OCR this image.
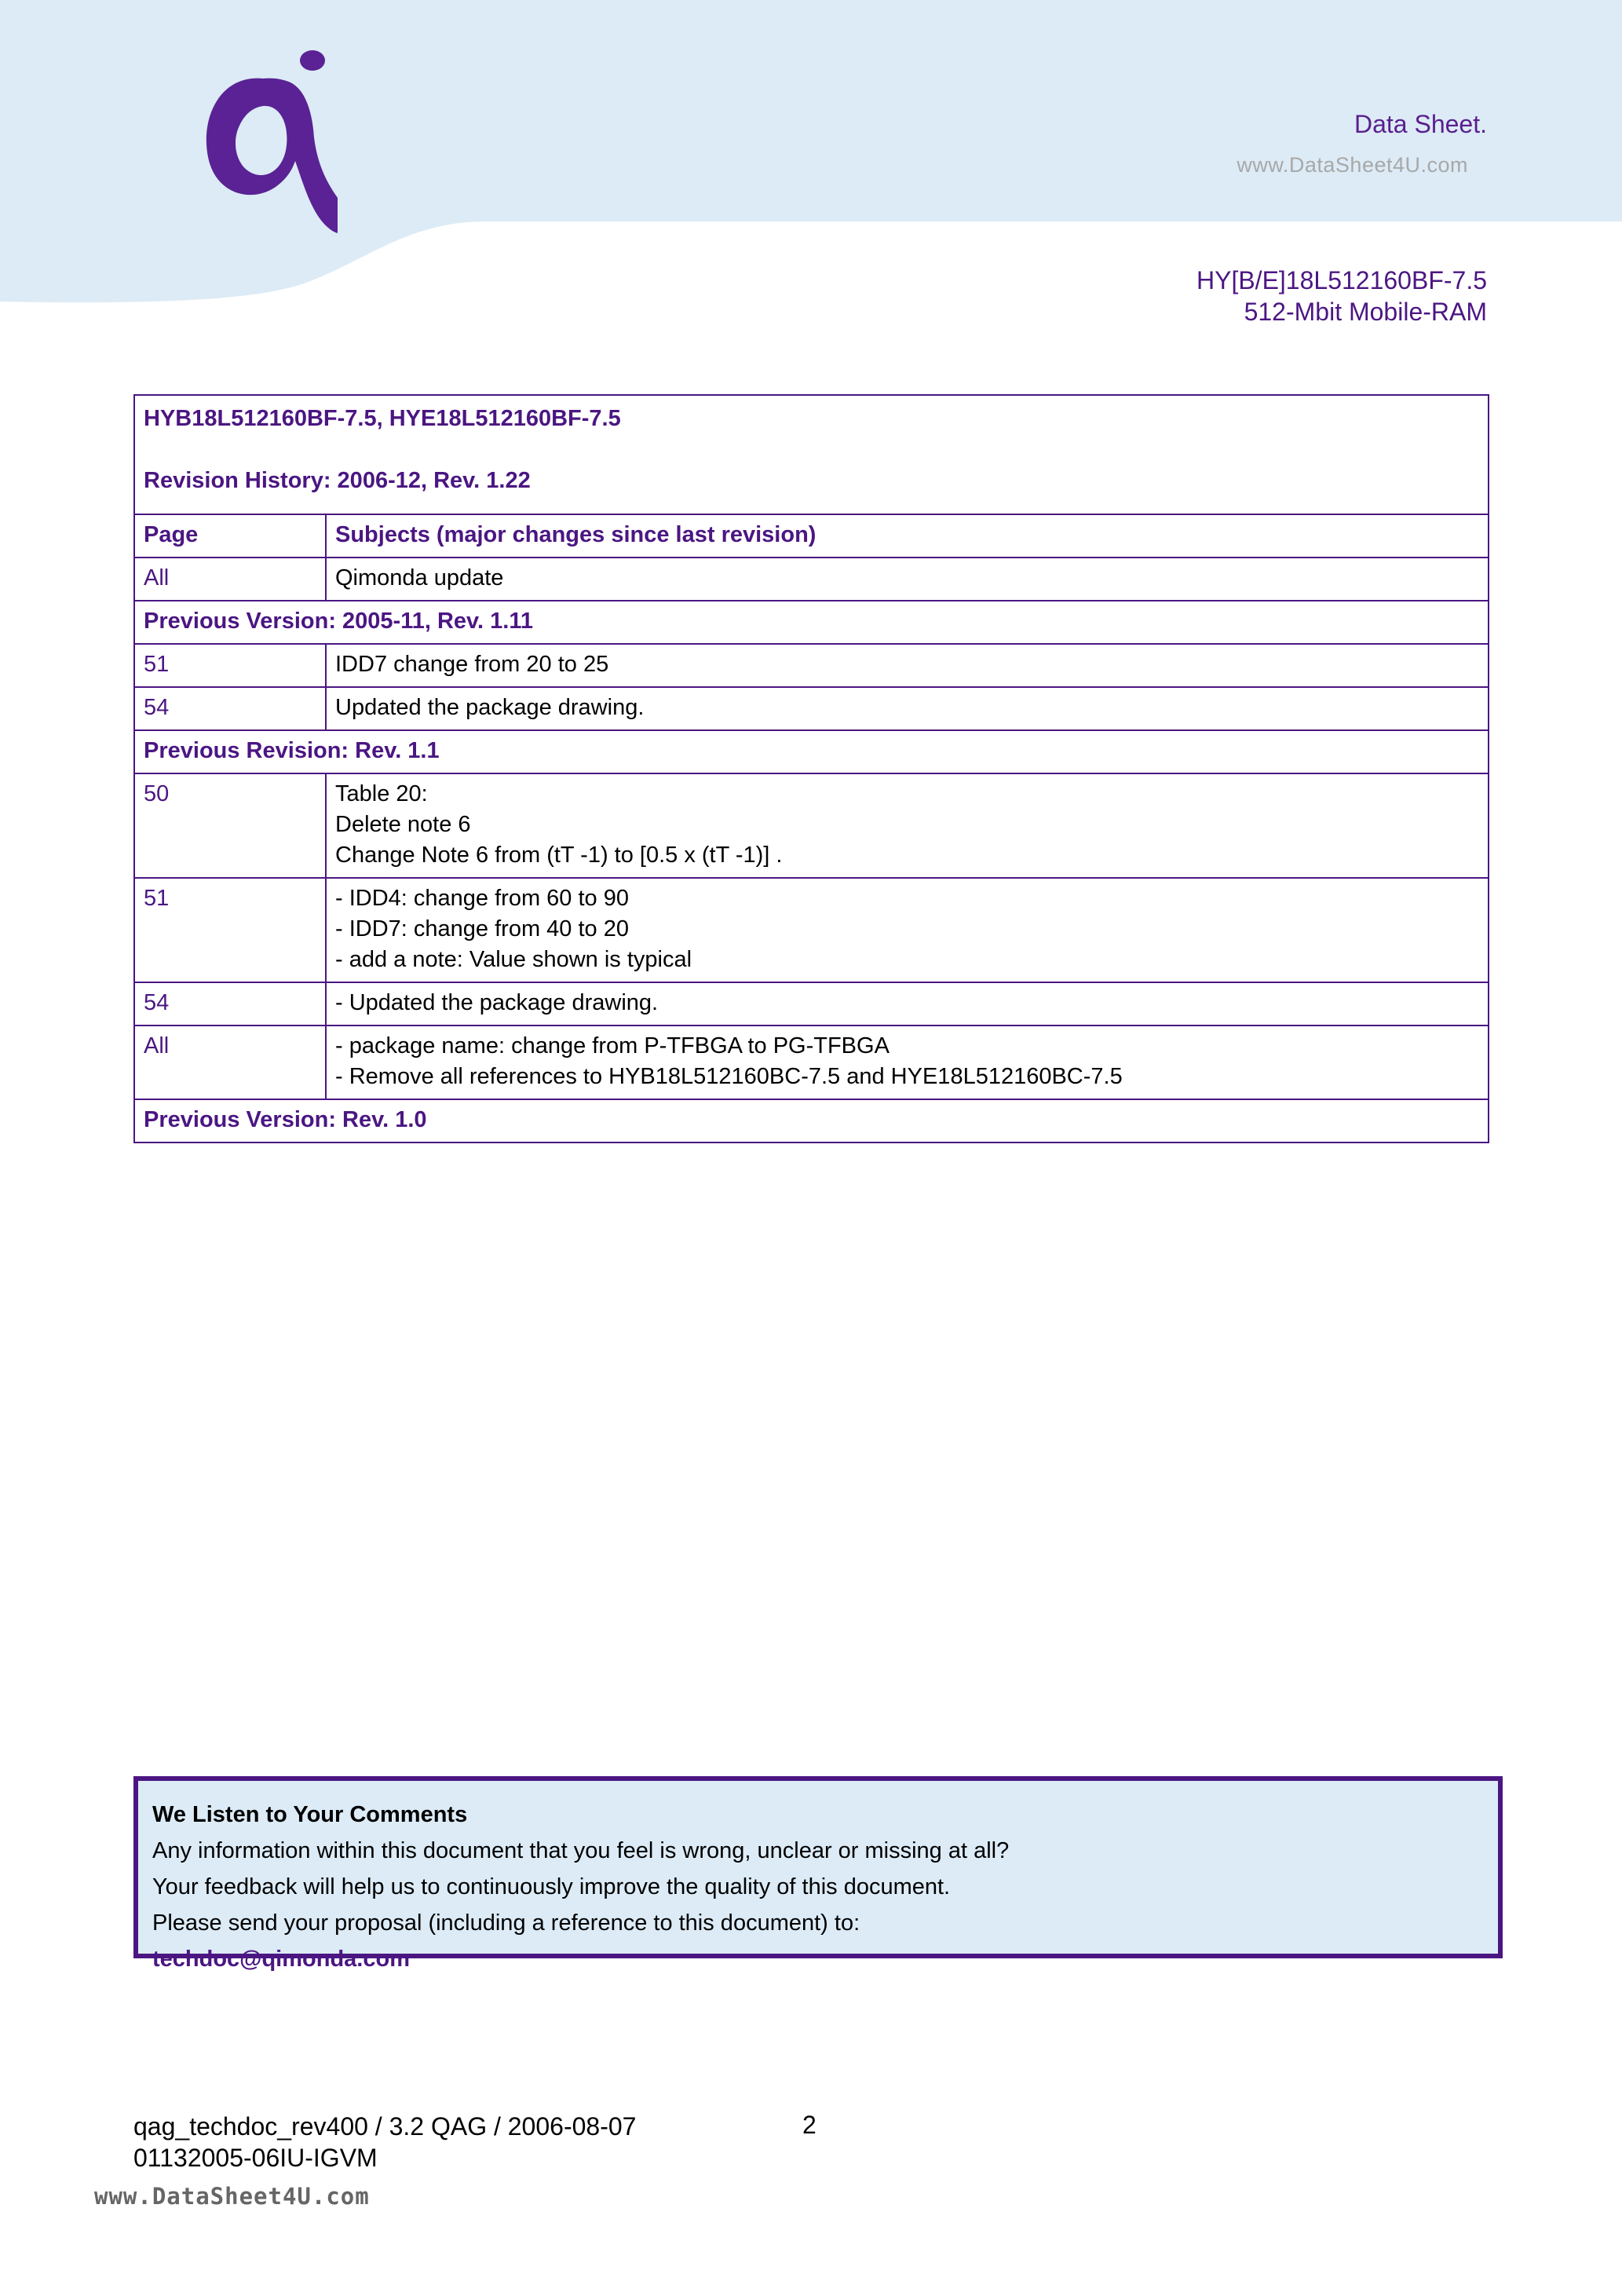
Data Sheet.
www.DataSheet4U.com
HY[B/E]18L512160BF-7.5
512-Mbit Mobile-RAM
HYB18L512160BF-7.5, HYE18L512160BF-7.5
Revision History: 2006-12, Rev. 1.22	

Page	Subjects (major changes since last revision)
All	Qimonda update

Previous Version: 2005-11, Rev. 1.11	
51	IDD7 change from 20 to 25

54	Updated the package drawing.

Previous Revision: Rev. 1.1	
50	Table 20:
Delete note 6
Change Note 6 from (tT -1) to [0.5 x (tT -1)] .

51	- IDD4: change from 60 to 90
- IDD7: change from 40 to 20
- add a note: Value shown is typical

54	- Updated the package drawing.

All	- package name: change from P-TFBGA to PG-TFBGA
- Remove all references to HYB18L512160BC-7.5 and HYE18L512160BC-7.5

Previous Version: Rev. 1.0	
We Listen to Your Comments
Any information within this document that you feel is wrong, unclear or missing at all?
Your feedback will help us to continuously improve the quality of this document.
Please send your proposal (including a reference to this document) to:
techdoc@qimonda.com
qag_techdoc_rev400 / 3.2 QAG / 2006-08-07
01132005-06IU-IGVM
2
www.DataSheet4U.com
